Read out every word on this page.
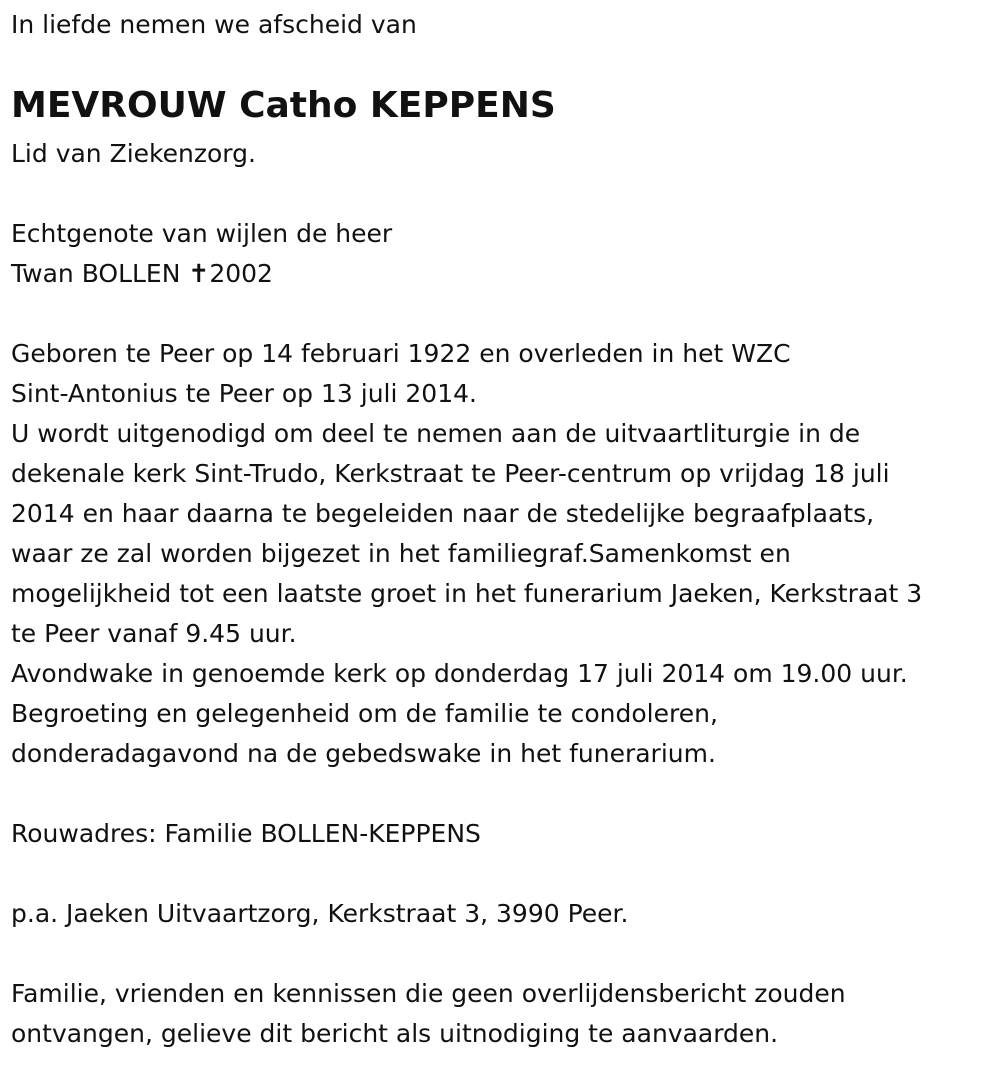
In liefde nemen we afscheid van
MEVROUW Catho KEPPENS
Lid van Ziekenzorg.
Echtgenote van wijlen de heer
Twan BOLLEN ✝2002
Geboren te Peer op 14 februari 1922 en overleden in het WZC
Sint-Antonius te Peer op 13 juli 2014.
U wordt uitgenodigd om deel te nemen aan de uitvaartliturgie in de
dekenale kerk Sint-Trudo, Kerkstraat te Peer-centrum op vrijdag 18 juli
2014 en haar daarna te begeleiden naar de stedelijke begraafplaats,
waar ze zal worden bijgezet in het familiegraf.Samenkomst en
mogelijkheid tot een laatste groet in het funerarium Jaeken, Kerkstraat 3
te Peer vanaf 9.45 uur.
Avondwake in genoemde kerk op donderdag 17 juli 2014 om 19.00 uur.
Begroeting en gelegenheid om de familie te condoleren,
donderadagavond na de gebedswake in het funerarium.
Rouwadres: Familie BOLLEN-KEPPENS
p.a. Jaeken Uitvaartzorg, Kerkstraat 3, 3990 Peer.
Familie, vrienden en kennissen die geen overlijdensbericht zouden
ontvangen, gelieve dit bericht als uitnodiging te aanvaarden.
